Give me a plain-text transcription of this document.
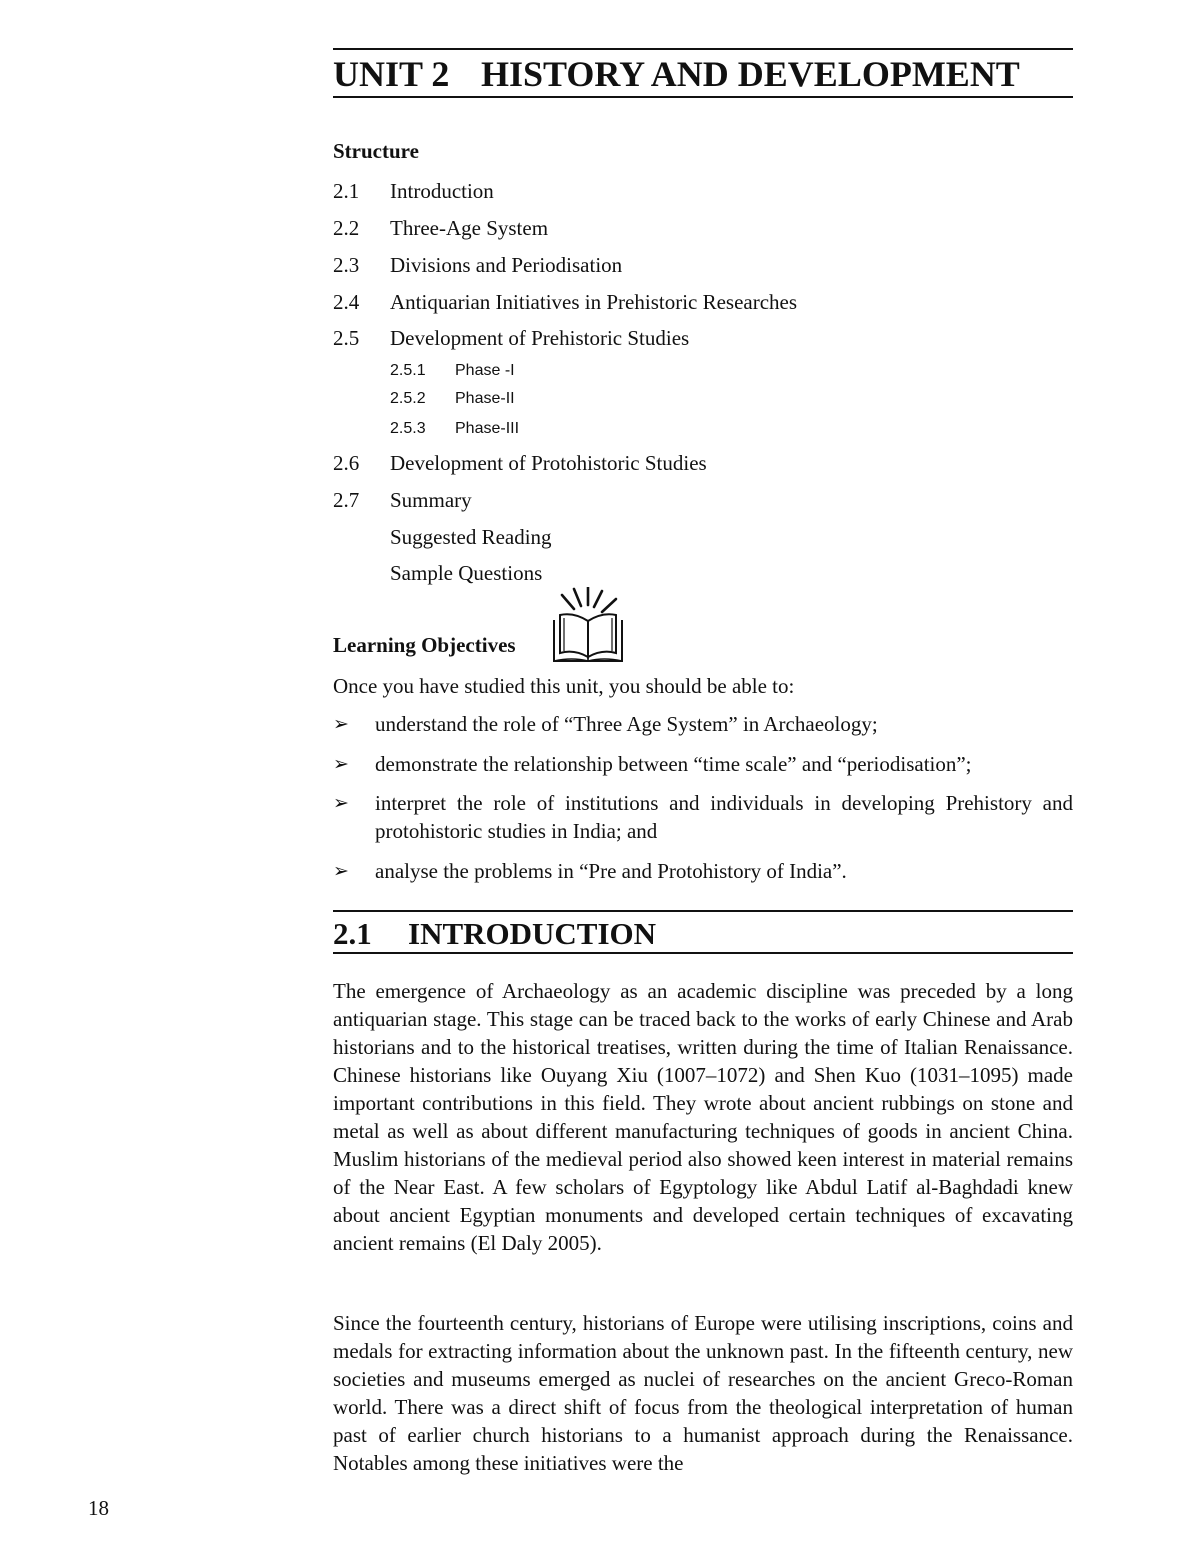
UNIT 2 HISTORY AND DEVELOPMENT
Structure
2.1 Introduction
2.2 Three-Age System
2.3 Divisions and Periodisation
2.4 Antiquarian Initiatives in Prehistoric Researches
2.5 Development of Prehistoric Studies
2.5.1 Phase -I
2.5.2 Phase-II
2.5.3 Phase-III
2.6 Development of Protohistoric Studies
2.7 Summary
Suggested Reading
Sample Questions
Learning Objectives
Once you have studied this unit, you should be able to:
➢ understand the role of “Three Age System” in Archaeology;
➢ demonstrate the relationship between “time scale” and “periodisation”;
➢ interpret the role of institutions and individuals in developing Prehistory and protohistoric studies in India; and
➢ analyse the problems in “Pre and Protohistory of India”.
2.1 INTRODUCTION

The emergence of Archaeology as an academic discipline was preceded by a long antiquarian stage. This stage can be traced back to the works of early Chinese and Arab historians and to the historical treatises, written during the time of Italian Renaissance. Chinese historians like Ouyang Xiu (1007–1072) and Shen Kuo (1031–1095) made important contributions in this field. They wrote about ancient rubbings on stone and metal as well as about different manufacturing techniques of goods in ancient China. Muslim historians of the medieval period also showed keen interest in material remains of the Near East. A few scholars of Egyptology like Abdul Latif al-Baghdadi knew about ancient Egyptian monuments and developed certain techniques of excavating ancient remains (El Daly 2005).

Since the fourteenth century, historians of Europe were utilising inscriptions, coins and medals for extracting information about the unknown past. In the fifteenth century, new societies and museums emerged as nuclei of researches on the ancient Greco-Roman world. There was a direct shift of focus from the theological interpretation of human past of earlier church historians to a humanist approach during the Renaissance. Notables among these initiatives were the

18
